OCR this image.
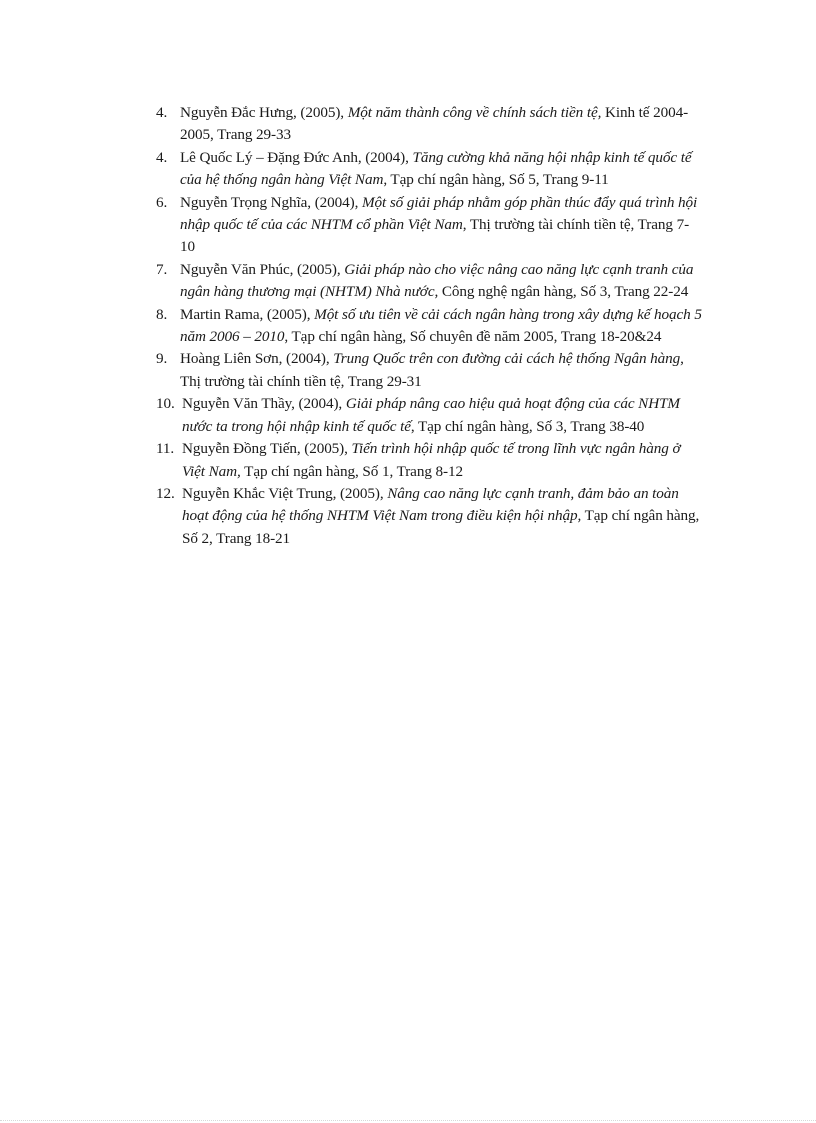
4. Nguyễn Đắc Hưng, (2005), Một năm thành công về chính sách tiền tệ, Kinh tế 2004-2005, Trang 29-33
4. Lê Quốc Lý – Đặng Đức Anh, (2004), Tăng cường khả năng hội nhập kinh tế quốc tế của hệ thống ngân hàng Việt Nam, Tạp chí ngân hàng, Số 5, Trang 9-11
6. Nguyễn Trọng Nghĩa, (2004), Một số giải pháp nhằm góp phần thúc đẩy quá trình hội nhập quốc tế của các NHTM cổ phần Việt Nam, Thị trường tài chính tiền tệ, Trang 7-10
7. Nguyễn Văn Phúc, (2005), Giải pháp nào cho việc nâng cao năng lực cạnh tranh của ngân hàng thương mại (NHTM) Nhà nước, Công nghệ ngân hàng, Số 3, Trang 22-24
8. Martin Rama, (2005), Một số ưu tiên về cải cách ngân hàng trong xây dựng kế hoạch 5 năm 2006 – 2010, Tạp chí ngân hàng, Số chuyên đề năm 2005, Trang 18-20&24
9. Hoàng Liên Sơn, (2004), Trung Quốc trên con đường cải cách hệ thống Ngân hàng, Thị trường tài chính tiền tệ, Trang 29-31
10. Nguyễn Văn Thầy, (2004), Giải pháp nâng cao hiệu quả hoạt động của các NHTM nước ta trong hội nhập kinh tế quốc tế, Tạp chí ngân hàng, Số 3, Trang 38-40
11. Nguyễn Đồng Tiến, (2005), Tiến trình hội nhập quốc tế trong lĩnh vực ngân hàng ở Việt Nam, Tạp chí ngân hàng, Số 1, Trang 8-12
12. Nguyễn Khắc Việt Trung, (2005), Nâng cao năng lực cạnh tranh, đảm bảo an toàn hoạt động của hệ thống NHTM Việt Nam trong điều kiện hội nhập, Tạp chí ngân hàng, Số 2, Trang 18-21
